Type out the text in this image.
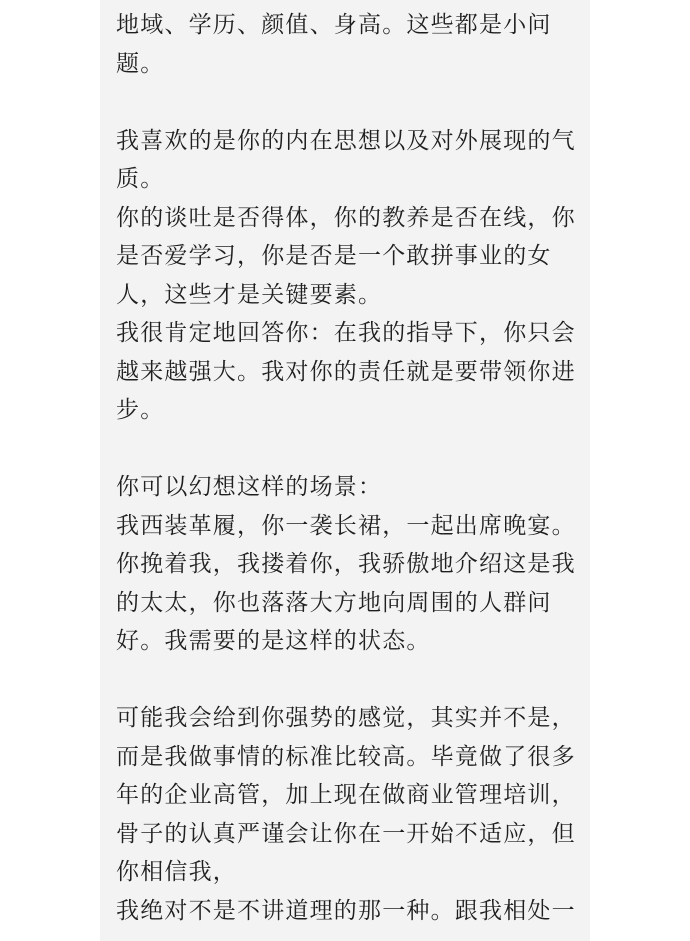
地域、学历、颜值、身高。这些都是小问
题。
我喜欢的是你的内在思想以及对外展现的气
质。
你的谈吐是否得体，你的教养是否在线，你
是否爱学习，你是否是一个敢拼事业的女
人，这些才是关键要素。
我很肯定地回答你：在我的指导下，你只会
越来越强大。我对你的责任就是要带领你进
步。
你可以幻想这样的场景：
我西装革履，你一袭长裙，一起出席晚宴。
你挽着我，我搂着你，我骄傲地介绍这是我
的太太，你也落落大方地向周围的人群问
好。我需要的是这样的状态。
可能我会给到你强势的感觉，其实并不是，
而是我做事情的标准比较高。毕竟做了很多
年的企业高管，加上现在做商业管理培训，
骨子的认真严谨会让你在一开始不适应，但
你相信我，
我绝对不是不讲道理的那一种。跟我相处一
